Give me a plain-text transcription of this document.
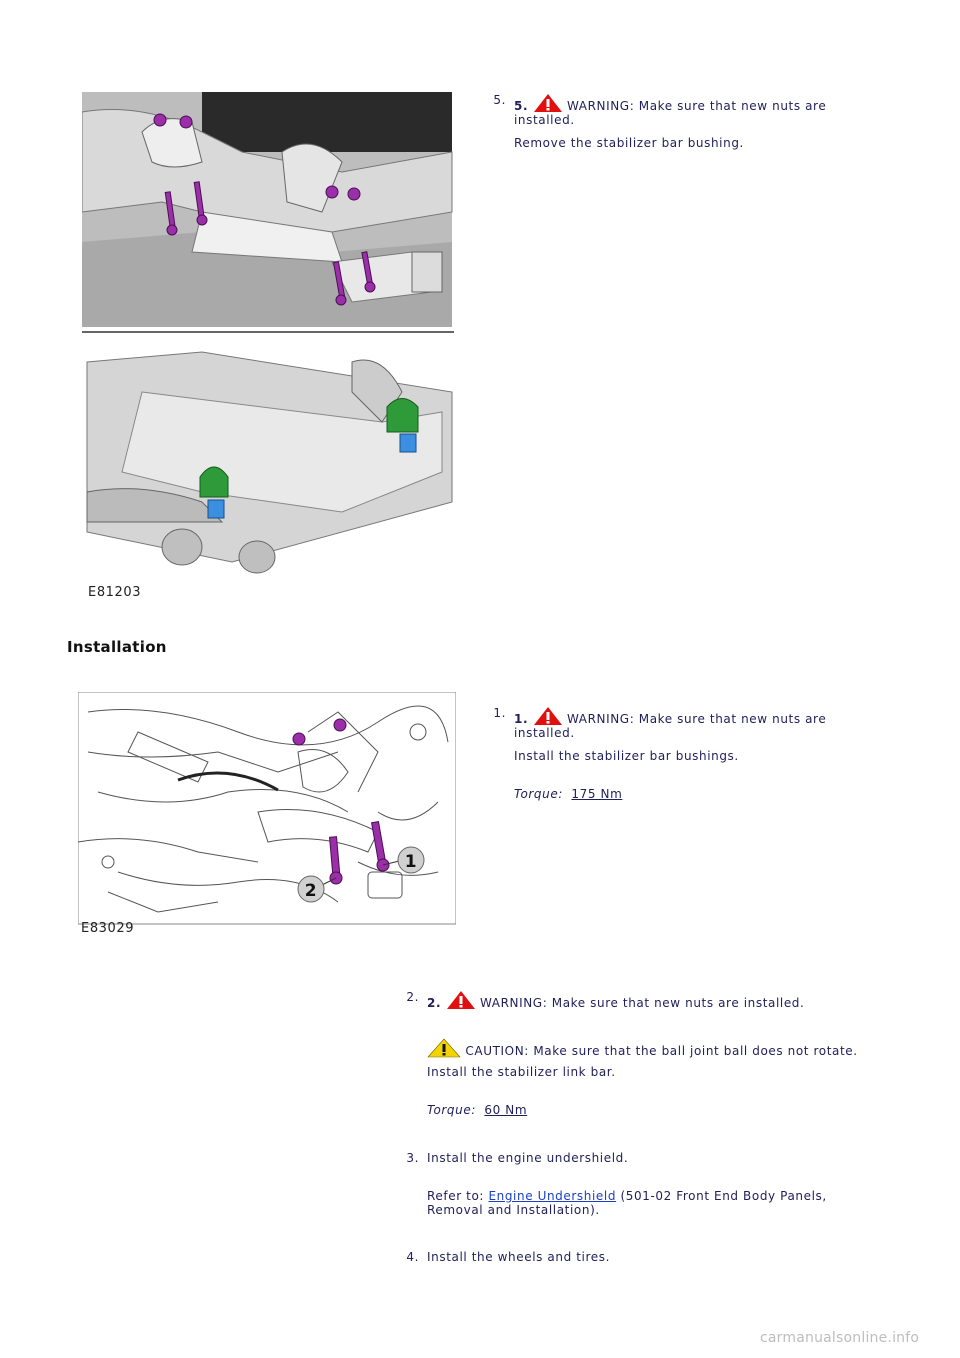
E81203
5. 5.	WARNING: Make sure that new nuts are
installed.
Remove the stabilizer bar bushing.
Installation
1
2
E83029
1. 1.	WARNING: Make sure that new nuts are
installed.
Install the stabilizer bar bushings.
Torque: 175 Nm
2. 2.	WARNING: Make sure that new nuts are installed.
CAUTION: Make sure that the ball joint ball does not rotate.
Install the stabilizer link bar.
Torque: 60 Nm
3. Install the engine undershield.
Refer to: Engine Undershield (501-02 Front End Body Panels,
Removal and Installation).
4. Install the wheels and tires.
carmanualsonline.info
